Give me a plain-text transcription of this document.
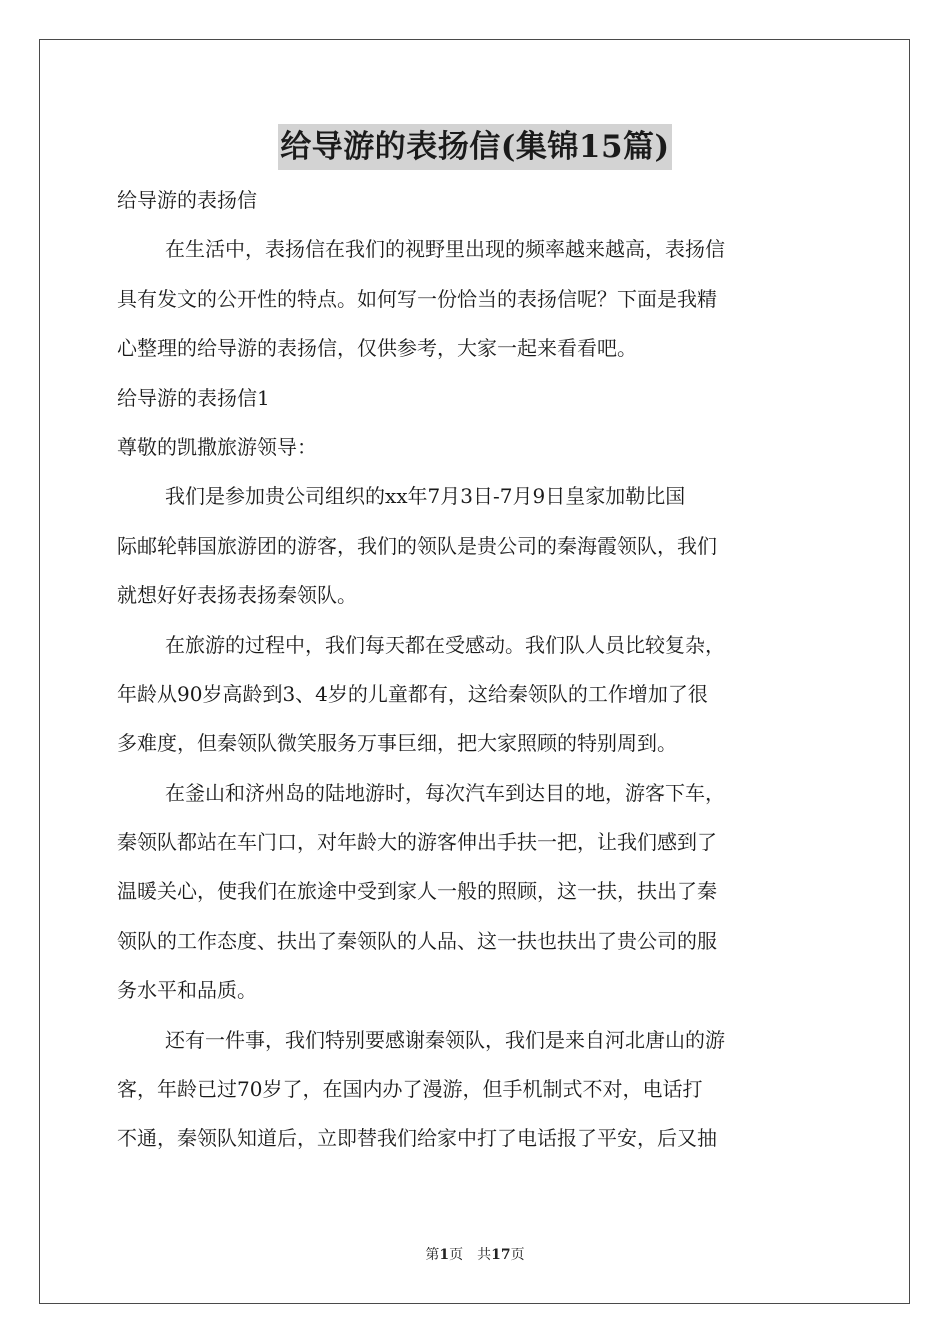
给导游的表扬信(集锦15篇)
给导游的表扬信
在生活中，表扬信在我们的视野里出现的频率越来越高，表扬信
具有发文的公开性的特点。如何写一份恰当的表扬信呢？下面是我精
心整理的给导游的表扬信，仅供参考，大家一起来看看吧。
给导游的表扬信1
尊敬的凯撒旅游领导：
我们是参加贵公司组织的xx年7月3日-7月9日皇家加勒比国
际邮轮韩国旅游团的游客，我们的领队是贵公司的秦海霞领队，我们
就想好好表扬表扬秦领队。
在旅游的过程中，我们每天都在受感动。我们队人员比较复杂，
年龄从90岁高龄到3、4岁的儿童都有，这给秦领队的工作增加了很
多难度，但秦领队微笑服务万事巨细，把大家照顾的特别周到。
在釜山和济州岛的陆地游时，每次汽车到达目的地，游客下车，
秦领队都站在车门口，对年龄大的游客伸出手扶一把，让我们感到了
温暖关心，使我们在旅途中受到家人一般的照顾，这一扶，扶出了秦
领队的工作态度、扶出了秦领队的人品、这一扶也扶出了贵公司的服
务水平和品质。
还有一件事，我们特别要感谢秦领队，我们是来自河北唐山的游
客，年龄已过70岁了，在国内办了漫游，但手机制式不对，电话打
不通，秦领队知道后，立即替我们给家中打了电话报了平安，后又抽
第1页　共17页
